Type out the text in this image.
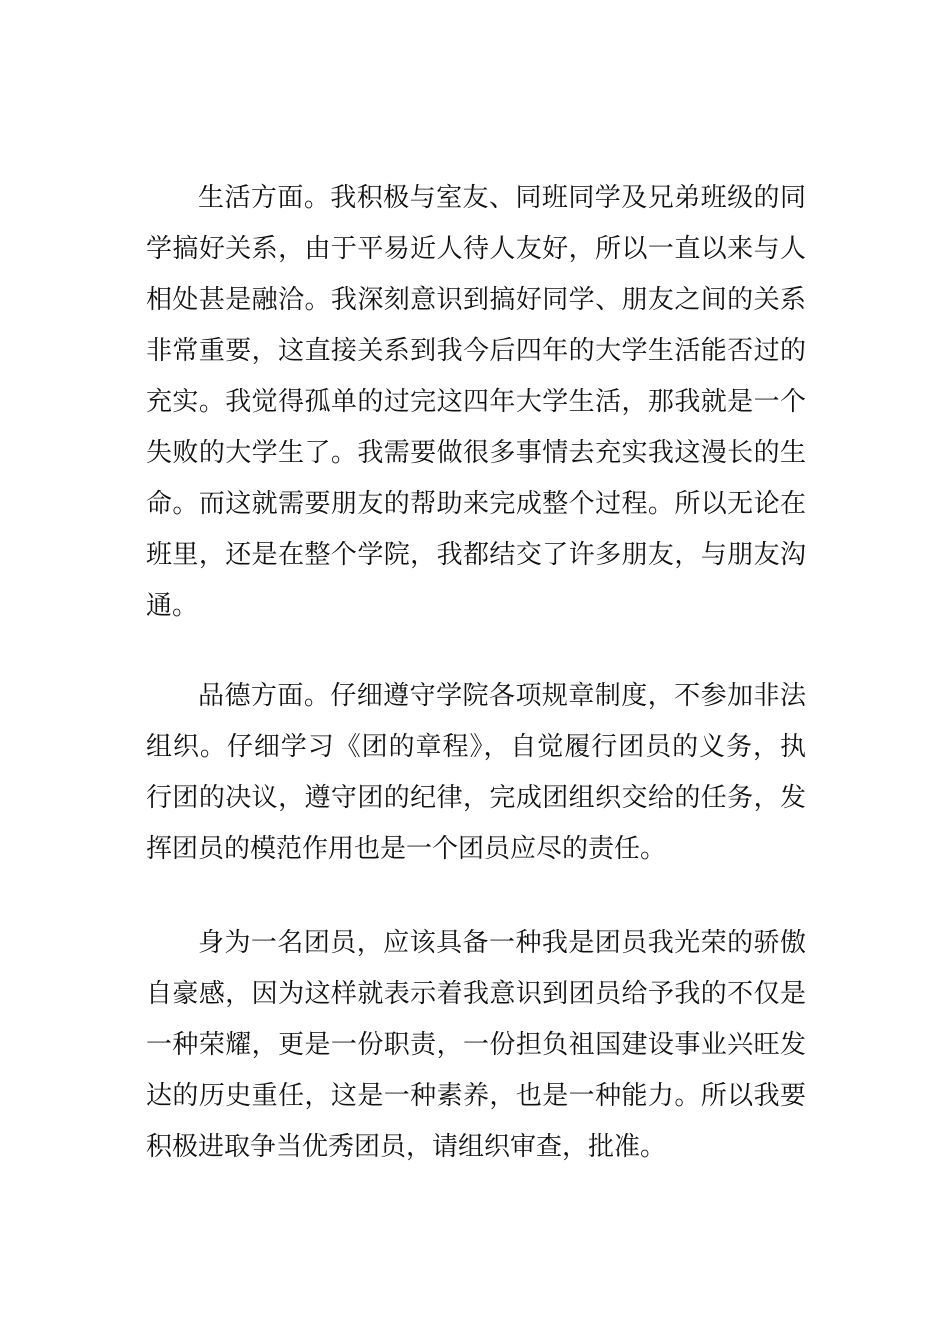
生活方面。我积极与室友、同班同学及兄弟班级的同学搞好关系，由于平易近人待人友好，所以一直以来与人相处甚是融洽。我深刻意识到搞好同学、朋友之间的关系非常重要，这直接关系到我今后四年的大学生活能否过的充实。我觉得孤单的过完这四年大学生活，那我就是一个失败的大学生了。我需要做很多事情去充实我这漫长的生命。而这就需要朋友的帮助来完成整个过程。所以无论在班里，还是在整个学院，我都结交了许多朋友，与朋友沟通。

品德方面。仔细遵守学院各项规章制度，不参加非法组织。仔细学习《团的章程》，自觉履行团员的义务，执行团的决议，遵守团的纪律，完成团组织交给的任务，发挥团员的模范作用也是一个团员应尽的责任。

身为一名团员，应该具备一种我是团员我光荣的骄傲自豪感，因为这样就表示着我意识到团员给予我的不仅是一种荣耀，更是一份职责，一份担负祖国建设事业兴旺发达的历史重任，这是一种素养，也是一种能力。所以我要积极进取争当优秀团员，请组织审查，批准。
